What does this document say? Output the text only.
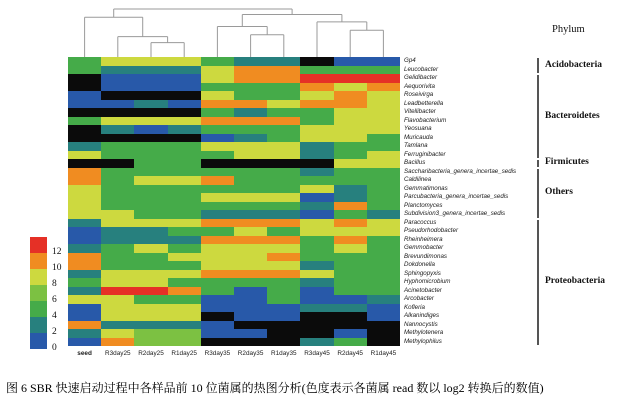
Gp4
Leucobacter
Gelidibacter
Aequorivita
Roseivirga
Leadbetterella
Vitellibacter
Flavobacterium
Yeosuana
Muricauda
Tamlana
Ferruginibacter
Bacillus
Saccharibacteria_genera_incertae_sedis
Caldilinea
Gemmatimonas
Parcubacteria_genera_incertae_sedis
Planctomyces
Subdivision3_genera_incertae_sedis
Paracoccus
Pseudorhodobacter
Rheinheimera
Gemmobacter
Brevundimonas
Dokdonella
Sphingopyxis
Hyphomicrobium
Acinetobacter
Arcobacter
Kofleria
Alkanindiges
Nannocystis
Methylotenera
Methylophilus
seed	R3day25	R2day25	R1day25	R3day35	R2day35	R1day35	R3day45	R2day45	R1day45
12
10
8
6
4
2
0
Phylum
图 6 SBR 快速启动过程中各样品前 10 位菌属的热图分析(色度表示各菌属 read 数以 log2 转换后的数值)
Acidobacteria
Bacteroidetes
Firmicutes
Others
Proteobacteria
